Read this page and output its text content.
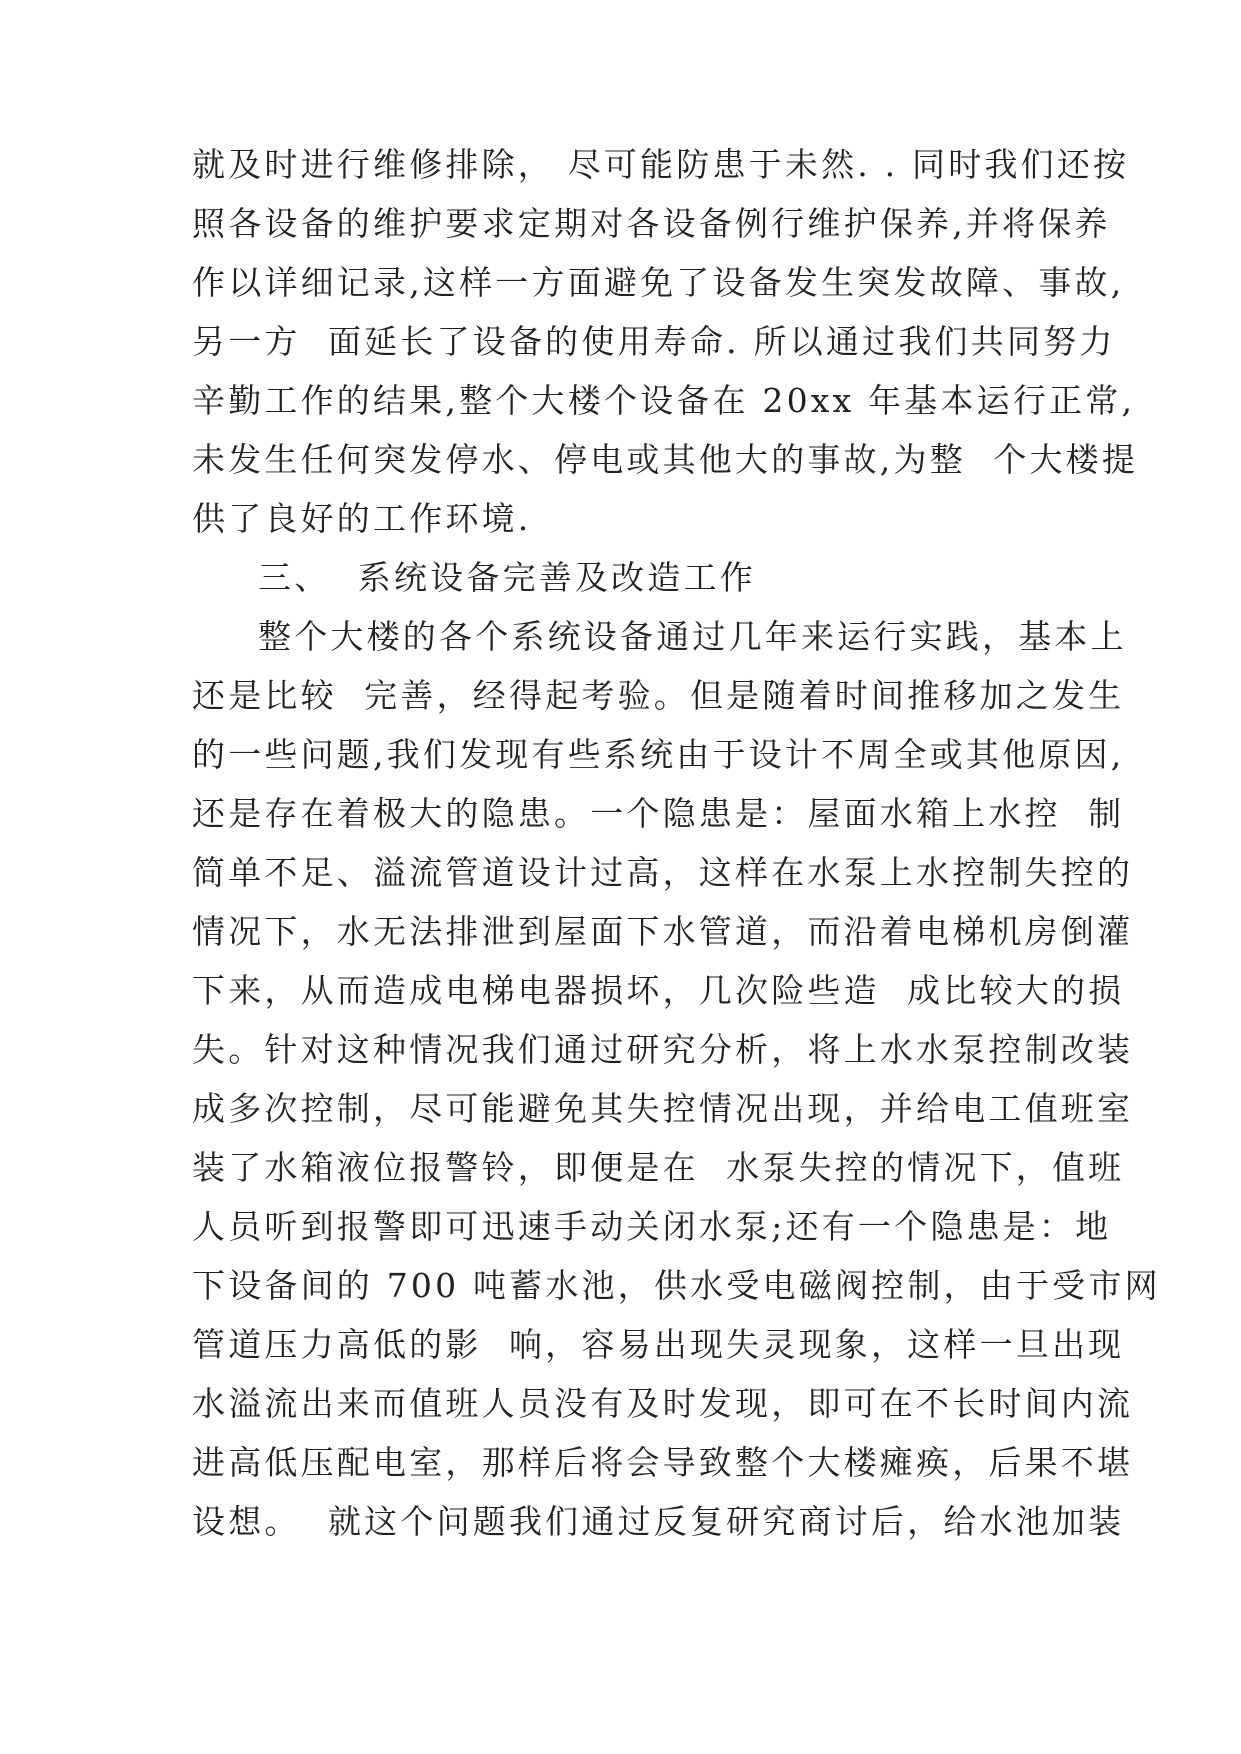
就及时进行维修排除， 尽可能防患于未然. . 同时我们还按
照各设备的维护要求定期对各设备例行维护保养,并将保养
作以详细记录,这样一方面避免了设备发生突发故障、事故,
另一方  面延长了设备的使用寿命. 所以通过我们共同努力
辛勤工作的结果,整个大楼个设备在 20xx 年基本运行正常,
未发生任何突发停水、停电或其他大的事故,为整  个大楼提
供了良好的工作环境.
三、  系统设备完善及改造工作
整个大楼的各个系统设备通过几年来运行实践，基本上
还是比较  完善，经得起考验。但是随着时间推移加之发生
的一些问题,我们发现有些系统由于设计不周全或其他原因,
还是存在着极大的隐患。一个隐患是：屋面水箱上水控  制
简单不足、溢流管道设计过高，这样在水泵上水控制失控的
情况下，水无法排泄到屋面下水管道，而沿着电梯机房倒灌
下来，从而造成电梯电器损坏，几次险些造  成比较大的损
失。针对这种情况我们通过研究分析，将上水水泵控制改装
成多次控制，尽可能避免其失控情况出现，并给电工值班室
装了水箱液位报警铃，即便是在  水泵失控的情况下，值班
人员听到报警即可迅速手动关闭水泵;还有一个隐患是：地
下设备间的 700 吨蓄水池，供水受电磁阀控制，由于受市网
管道压力高低的影  响，容易出现失灵现象，这样一旦出现
水溢流出来而值班人员没有及时发现，即可在不长时间内流
进高低压配电室，那样后将会导致整个大楼瘫痪，后果不堪
设想。  就这个问题我们通过反复研究商讨后，给水池加装
